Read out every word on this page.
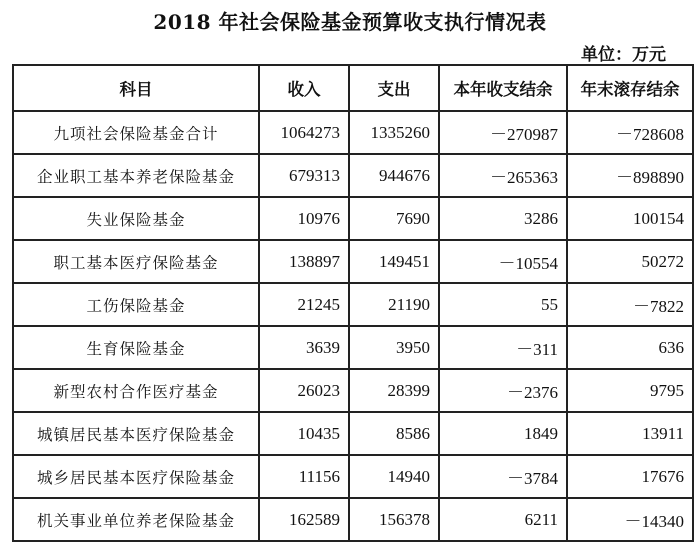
2018 年社会保险基金预算收支执行情况表
单位：万元
科目	收入	支出	本年收支结余	年末滚存结余
九项社会保险基金合计	1064273	1335260	－270987	－728608
企业职工基本养老保险基金	679313	944676	－265363	－898890
失业保险基金	10976	7690	3286	100154
职工基本医疗保险基金	138897	149451	－10554	50272
工伤保险基金	21245	21190	55	－7822
生育保险基金	3639	3950	－311	636
新型农村合作医疗基金	26023	28399	－2376	9795
城镇居民基本医疗保险基金	10435	8586	1849	13911
城乡居民基本医疗保险基金	11156	14940	－3784	17676
机关事业单位养老保险基金	162589	156378	6211	－14340
